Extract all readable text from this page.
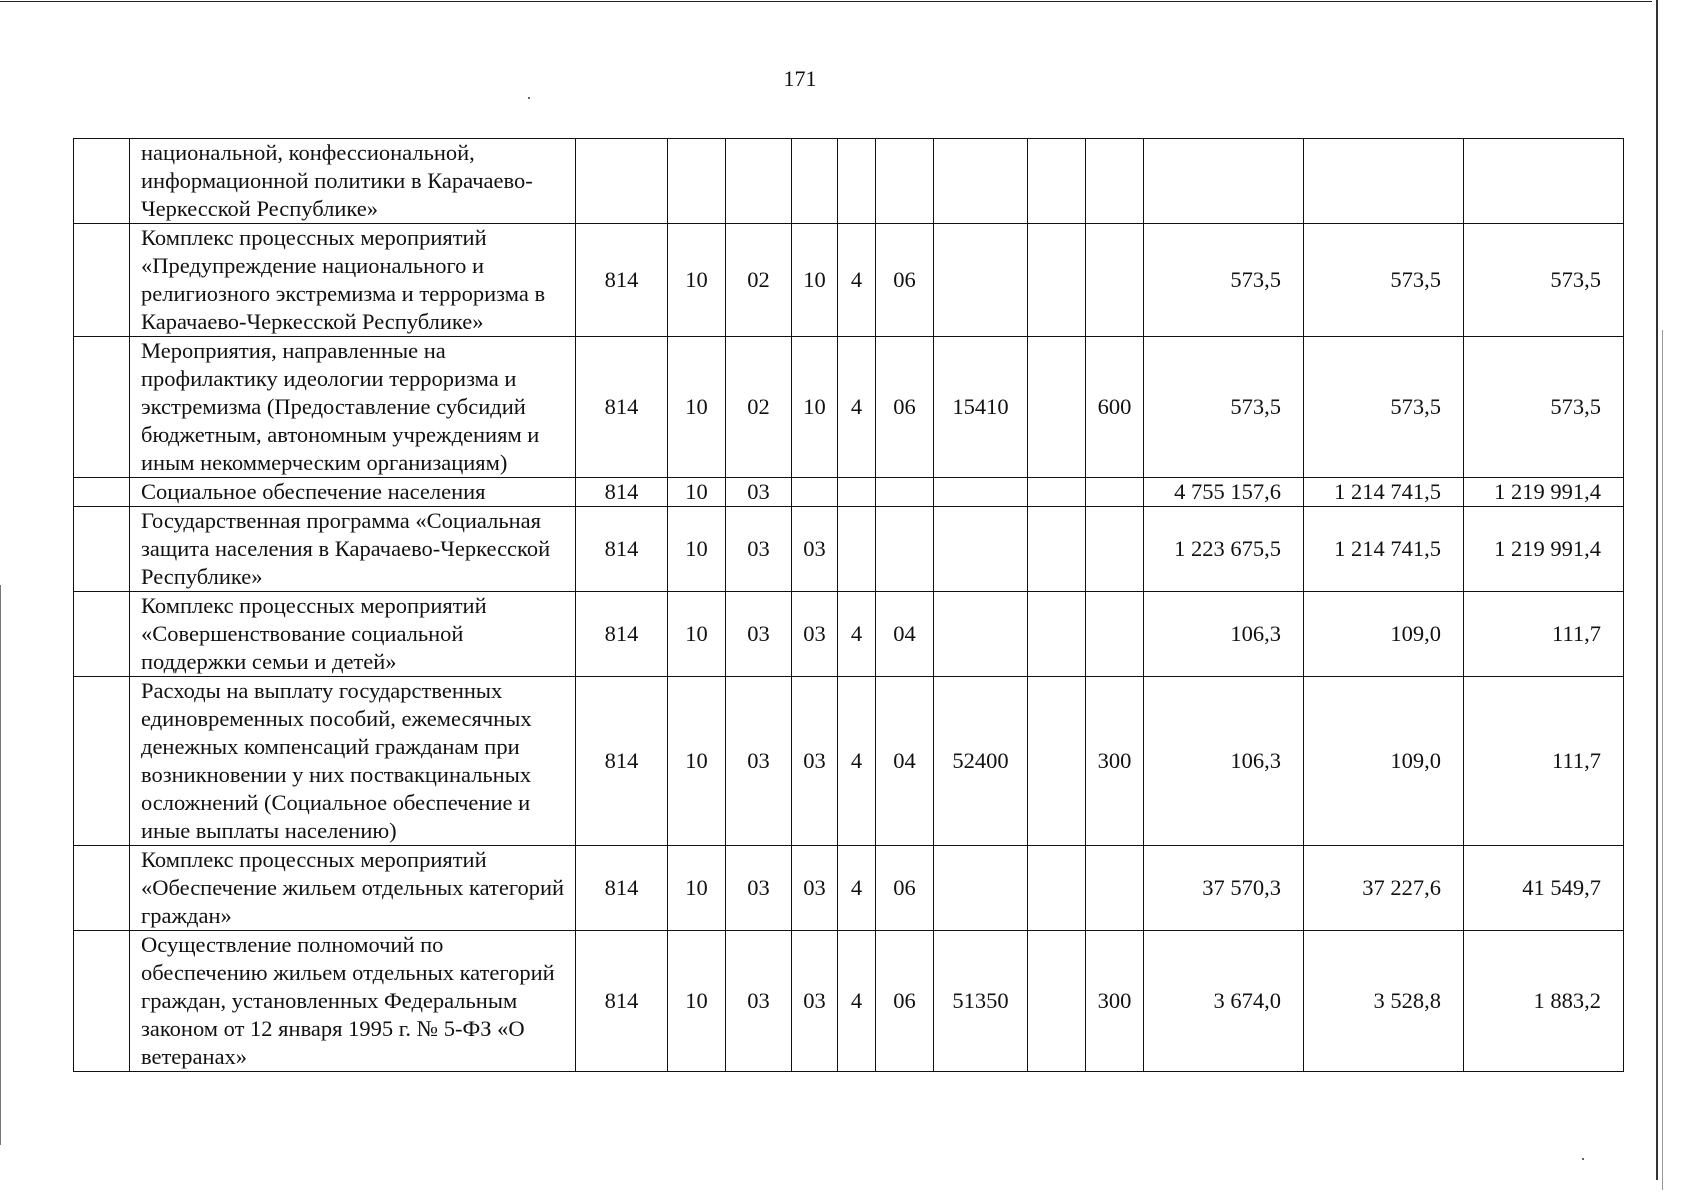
171
	национальной, конфессиональной, информационной политики в Карачаево-Черкесской Республике»												
	Комплекс процессных мероприятий «Предупреждение национального и религиозного экстремизма и терроризма в Карачаево-Черкесской Республике»	814	10	02	10	4	06				573,5	573,5	573,5
	Мероприятия, направленные на профилактику идеологии терроризма и экстремизма (Предоставление субсидий бюджетным, автономным учреждениям и иным некоммерческим организациям)	814	10	02	10	4	06	15410		600	573,5	573,5	573,5
	Социальное обеспечение населения	814	10	03							4 755 157,6	1 214 741,5	1 219 991,4
	Государственная программа «Социальная защита населения в Карачаево-Черкесской Республике»	814	10	03	03						1 223 675,5	1 214 741,5	1 219 991,4
	Комплекс процессных мероприятий «Совершенствование социальной поддержки семьи и детей»	814	10	03	03	4	04				106,3	109,0	111,7
	Расходы на выплату государственных единовременных пособий, ежемесячных денежных компенсаций гражданам при возникновении у них поствакцинальных осложнений (Социальное обеспечение и иные выплаты населению)	814	10	03	03	4	04	52400		300	106,3	109,0	111,7
	Комплекс процессных мероприятий «Обеспечение жильем отдельных категорий граждан»	814	10	03	03	4	06				37 570,3	37 227,6	41 549,7
	Осуществление полномочий по обеспечению жильем отдельных категорий граждан, установленных Федеральным законом от 12 января 1995 г. № 5-ФЗ «О ветеранах»	814	10	03	03	4	06	51350		300	3 674,0	3 528,8	1 883,2
